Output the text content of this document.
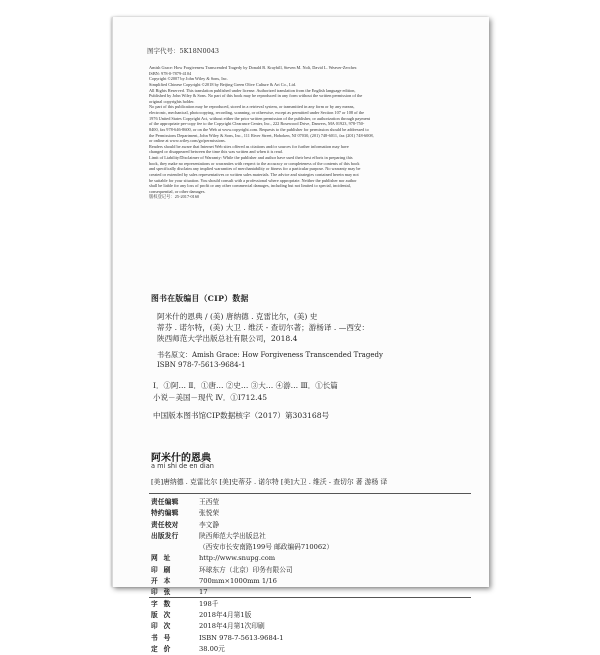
图字代号：5K18N0043

Amish Grace: How Forgiveness Transcended Tragedy by Donald B. Kraybill, Steven M. Nolt, David L. Weaver-Zercher.

ISBN: 978-0-7879-4104

Copyright ©2007 by John Wiley & Sons, Inc.

Simplified Chinese Copyright ©2018 by Beijing Green Olive Culture & Art Co., Ltd.

All Rights Reserved. This translation published under license. Authorized translation from the English language edition,

Published by John Wiley & Sons. No part of this book may be reproduced in any form without the written permission of the

original copyrights holder.

No part of this publication may be reproduced, stored in a retrieval system, or transmitted in any form or by any means,

electronic, mechanical, photocopying, recording, scanning, or otherwise, except as permitted under Section 107 or 108 of the

1976 United States Copyright Act, without either the prior written permission of the publisher, or authorization through payment

of the appropriate per-copy fee to the Copyright Clearance Center, Inc., 222 Rosewood Drive, Danvers, MA 01923, 978-750-

8400, fax 978-646-8600, or on the Web at www.copyright.com. Requests to the publisher for permission should be addressed to

the Permissions Department, John Wiley & Sons, Inc., 111 River Street, Hoboken, NJ 07030, (201) 748-6011, fax (201) 748-6008,

or online at www.wiley.com/go/permissions.

Readers should be aware that Internet Web sites offered as citations and/or sources for further information may have

changed or disappeared between the time this was written and when it is read.

Limit of Liability/Disclaimer of Warranty: While the publisher and author have used their best efforts in preparing this

book, they make no representations or warranties with respect to the accuracy or completeness of the contents of this book

and specifically disclaim any implied warranties of merchantability or fitness for a particular purpose. No warranty may be

created or extended by sales representatives or written sales materials. The advice and strategies contained herein may not

be suitable for your situation. You should consult with a professional where appropriate. Neither the publisher nor author

shall be liable for any loss of profit or any other commercial damages, including but not limited to special, incidental,

consequential, or other damages.

版权登记号：25-2017-0160

图书在版编目（CIP）数据
阿米什的恩典 / (美) 唐纳德 . 克雷比尔，(美) 史
蒂芬 . 诺尔特，(美) 大卫 . 维沃 - 查切尔著；游杨译 . —西安：
陕西师范大学出版总社有限公司，2018.4
书名原文：Amish Grace: How Forgiveness Transcended Tragedy
ISBN 978-7-5613-9684-1
Ⅰ．①阿… Ⅱ．①唐… ②史… ③大… ④游… Ⅲ．①长篇
小说－美国－现代 Ⅳ．①I712.45
中国版本图书馆CIP数据核字（2017）第303168号
阿米什的恩典
a mi shi de en dian
[美]唐纳德 . 克雷比尔 [美]史蒂芬 . 诺尔特 [美]大卫 . 维沃 - 查切尔 著 游杨 译
责任编辑	王西莹
特约编辑	张悦荣
责任校对	李文静
出版发行	陕西师范大学出版总社
（西安市长安南路199号 邮政编码710062）
网址	http://www.snupg.com
印刷	环球东方（北京）印务有限公司
开本	700mm×1000mm 1/16
印张	17
字数	198千
版次	2018年4月第1版
印次	2018年4月第1次印刷
书号	ISBN 978-7-5613-9684-1
定价	38.00元
